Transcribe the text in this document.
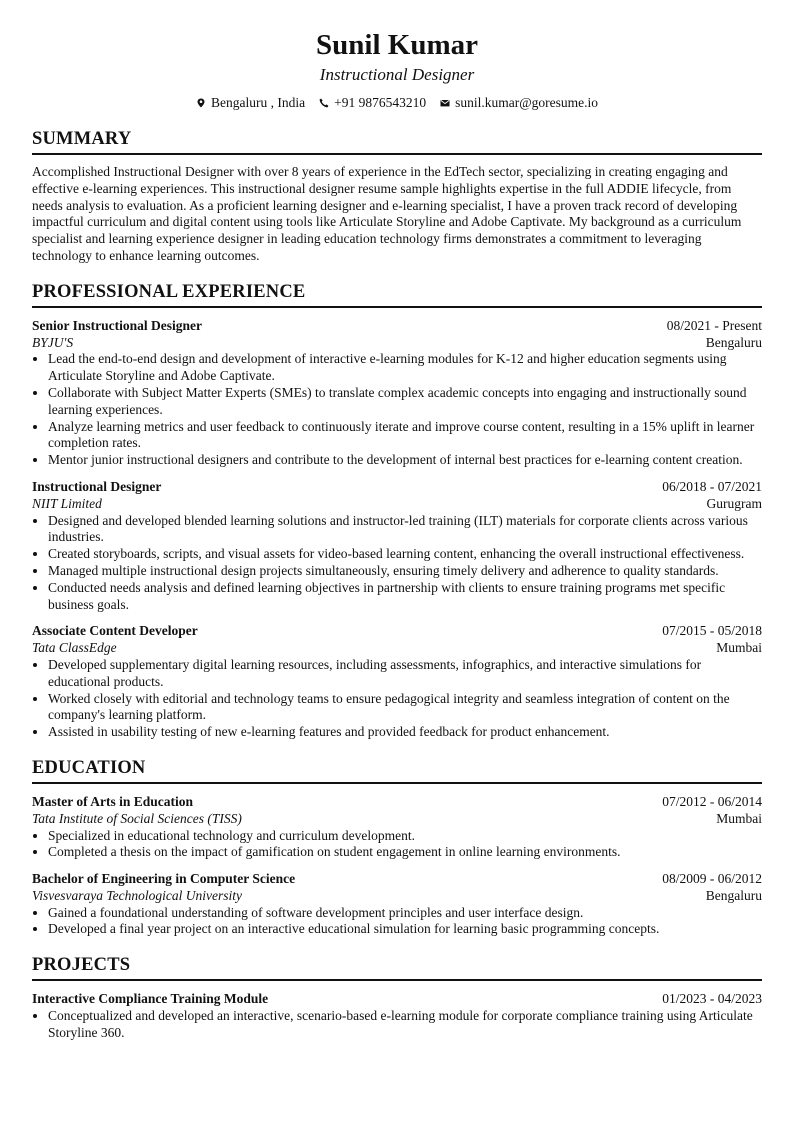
Sunil Kumar
Instructional Designer
Bengaluru , India +91 9876543210 sunil.kumar@goresume.io
SUMMARY
Accomplished Instructional Designer with over 8 years of experience in the EdTech sector, specializing in creating engaging and effective e-learning experiences. This instructional designer resume sample highlights expertise in the full ADDIE lifecycle, from needs analysis to evaluation. As a proficient learning designer and e-learning specialist, I have a proven track record of developing impactful curriculum and digital content using tools like Articulate Storyline and Adobe Captivate. My background as a curriculum specialist and learning experience designer in leading education technology firms demonstrates a commitment to leveraging technology to enhance learning outcomes.
PROFESSIONAL EXPERIENCE
Senior Instructional Designer	08/2021 - Present
BYJU'S	Bengaluru
• Lead the end-to-end design and development of interactive e-learning modules for K-12 and higher education segments using Articulate Storyline and Adobe Captivate.
• Collaborate with Subject Matter Experts (SMEs) to translate complex academic concepts into engaging and instructionally sound learning experiences.
• Analyze learning metrics and user feedback to continuously iterate and improve course content, resulting in a 15% uplift in learner completion rates.
• Mentor junior instructional designers and contribute to the development of internal best practices for e-learning content creation.
Instructional Designer	06/2018 - 07/2021
NIIT Limited	Gurugram
• Designed and developed blended learning solutions and instructor-led training (ILT) materials for corporate clients across various industries.
• Created storyboards, scripts, and visual assets for video-based learning content, enhancing the overall instructional effectiveness.
• Managed multiple instructional design projects simultaneously, ensuring timely delivery and adherence to quality standards.
• Conducted needs analysis and defined learning objectives in partnership with clients to ensure training programs met specific business goals.
Associate Content Developer	07/2015 - 05/2018
Tata ClassEdge	Mumbai
• Developed supplementary digital learning resources, including assessments, infographics, and interactive simulations for educational products.
• Worked closely with editorial and technology teams to ensure pedagogical integrity and seamless integration of content on the company's learning platform.
• Assisted in usability testing of new e-learning features and provided feedback for product enhancement.
EDUCATION
Master of Arts in Education	07/2012 - 06/2014
Tata Institute of Social Sciences (TISS)	Mumbai
• Specialized in educational technology and curriculum development.
• Completed a thesis on the impact of gamification on student engagement in online learning environments.
Bachelor of Engineering in Computer Science	08/2009 - 06/2012
Visvesvaraya Technological University	Bengaluru
• Gained a foundational understanding of software development principles and user interface design.
• Developed a final year project on an interactive educational simulation for learning basic programming concepts.
PROJECTS
Interactive Compliance Training Module	01/2023 - 04/2023
• Conceptualized and developed an interactive, scenario-based e-learning module for corporate compliance training using Articulate Storyline 360.
